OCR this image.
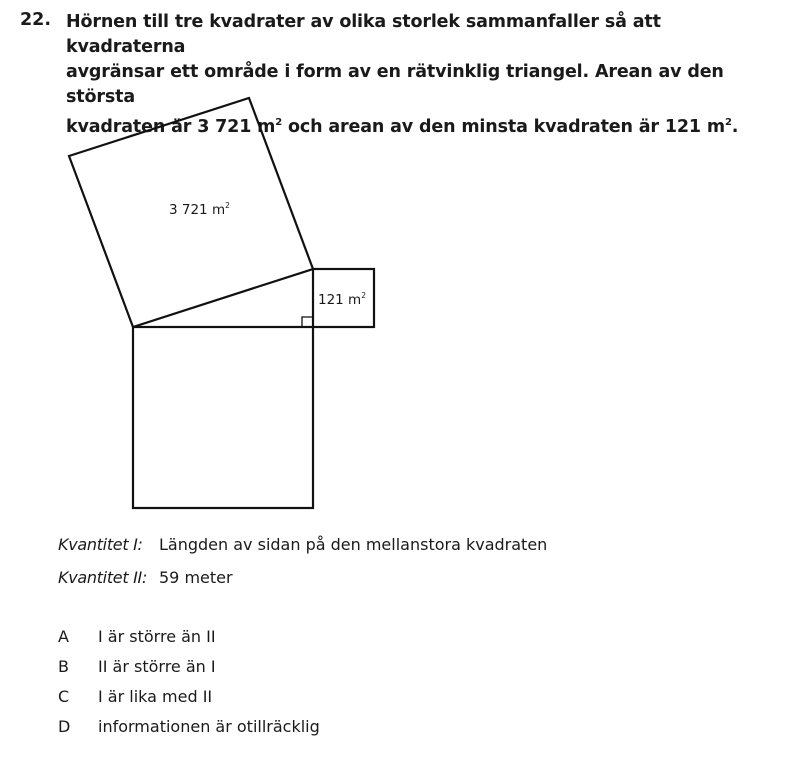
22. Hörnen till tre kvadrater av olika storlek sammanfaller så att kvadraterna
avgränsar ett område i form av en rätvinklig triangel. Arean av den största
kvadraten är 3 721 $m^2$ och arean av den minsta kvadraten är 121 $m^2$.
3 721 $m^2$
121 $m^2$
Kvantitet I: Längden av sidan på den mellanstora kvadraten
Kvantitet II: 59 meter
A I är större än II
B II är större än I
C I är lika med II
D informationen är otillräcklig
